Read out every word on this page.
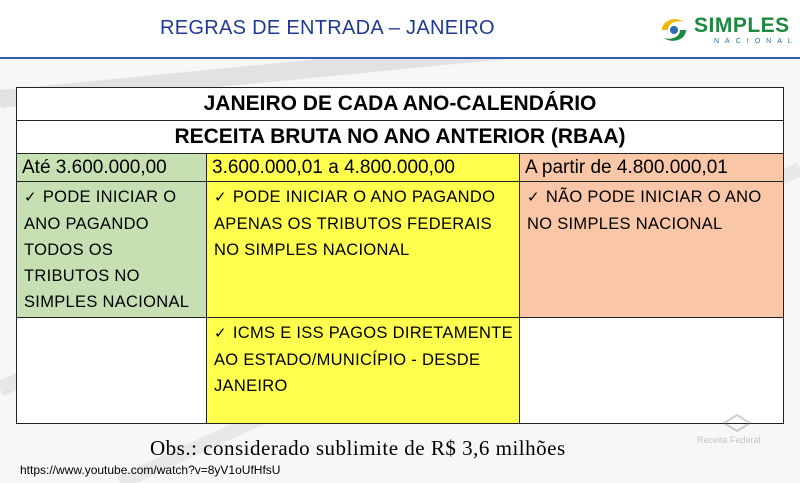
REGRAS DE ENTRADA – JANEIRO	SIMPLES
NACIONAL
JANEIRO DE CADA ANO-CALENDÁRIO		
RECEITA BRUTA NO ANO ANTERIOR (RBAA)		
Até 3.600.000,00	3.600.000,01 a 4.800.000,00	A partir de 4.800.000,01

✓ PODE INICIAR O ANO PAGANDO TODOS OS TRIBUTOS NO SIMPLES NACIONAL	✓ PODE INICIAR O ANO PAGANDO APENAS OS TRIBUTOS FEDERAIS NO SIMPLES NACIONAL	✓ NÃO PODE INICIAR O ANO NO SIMPLES NACIONAL

	✓ ICMS E ISS PAGOS DIRETAMENTE AO ESTADO/MUNICÍPIO - DESDE JANEIRO	

Obs.: considerado sublimite de R$ 3,6 milhões	Receita Federal
https://www.youtube.com/watch?v=8yV1oUfHfsU
